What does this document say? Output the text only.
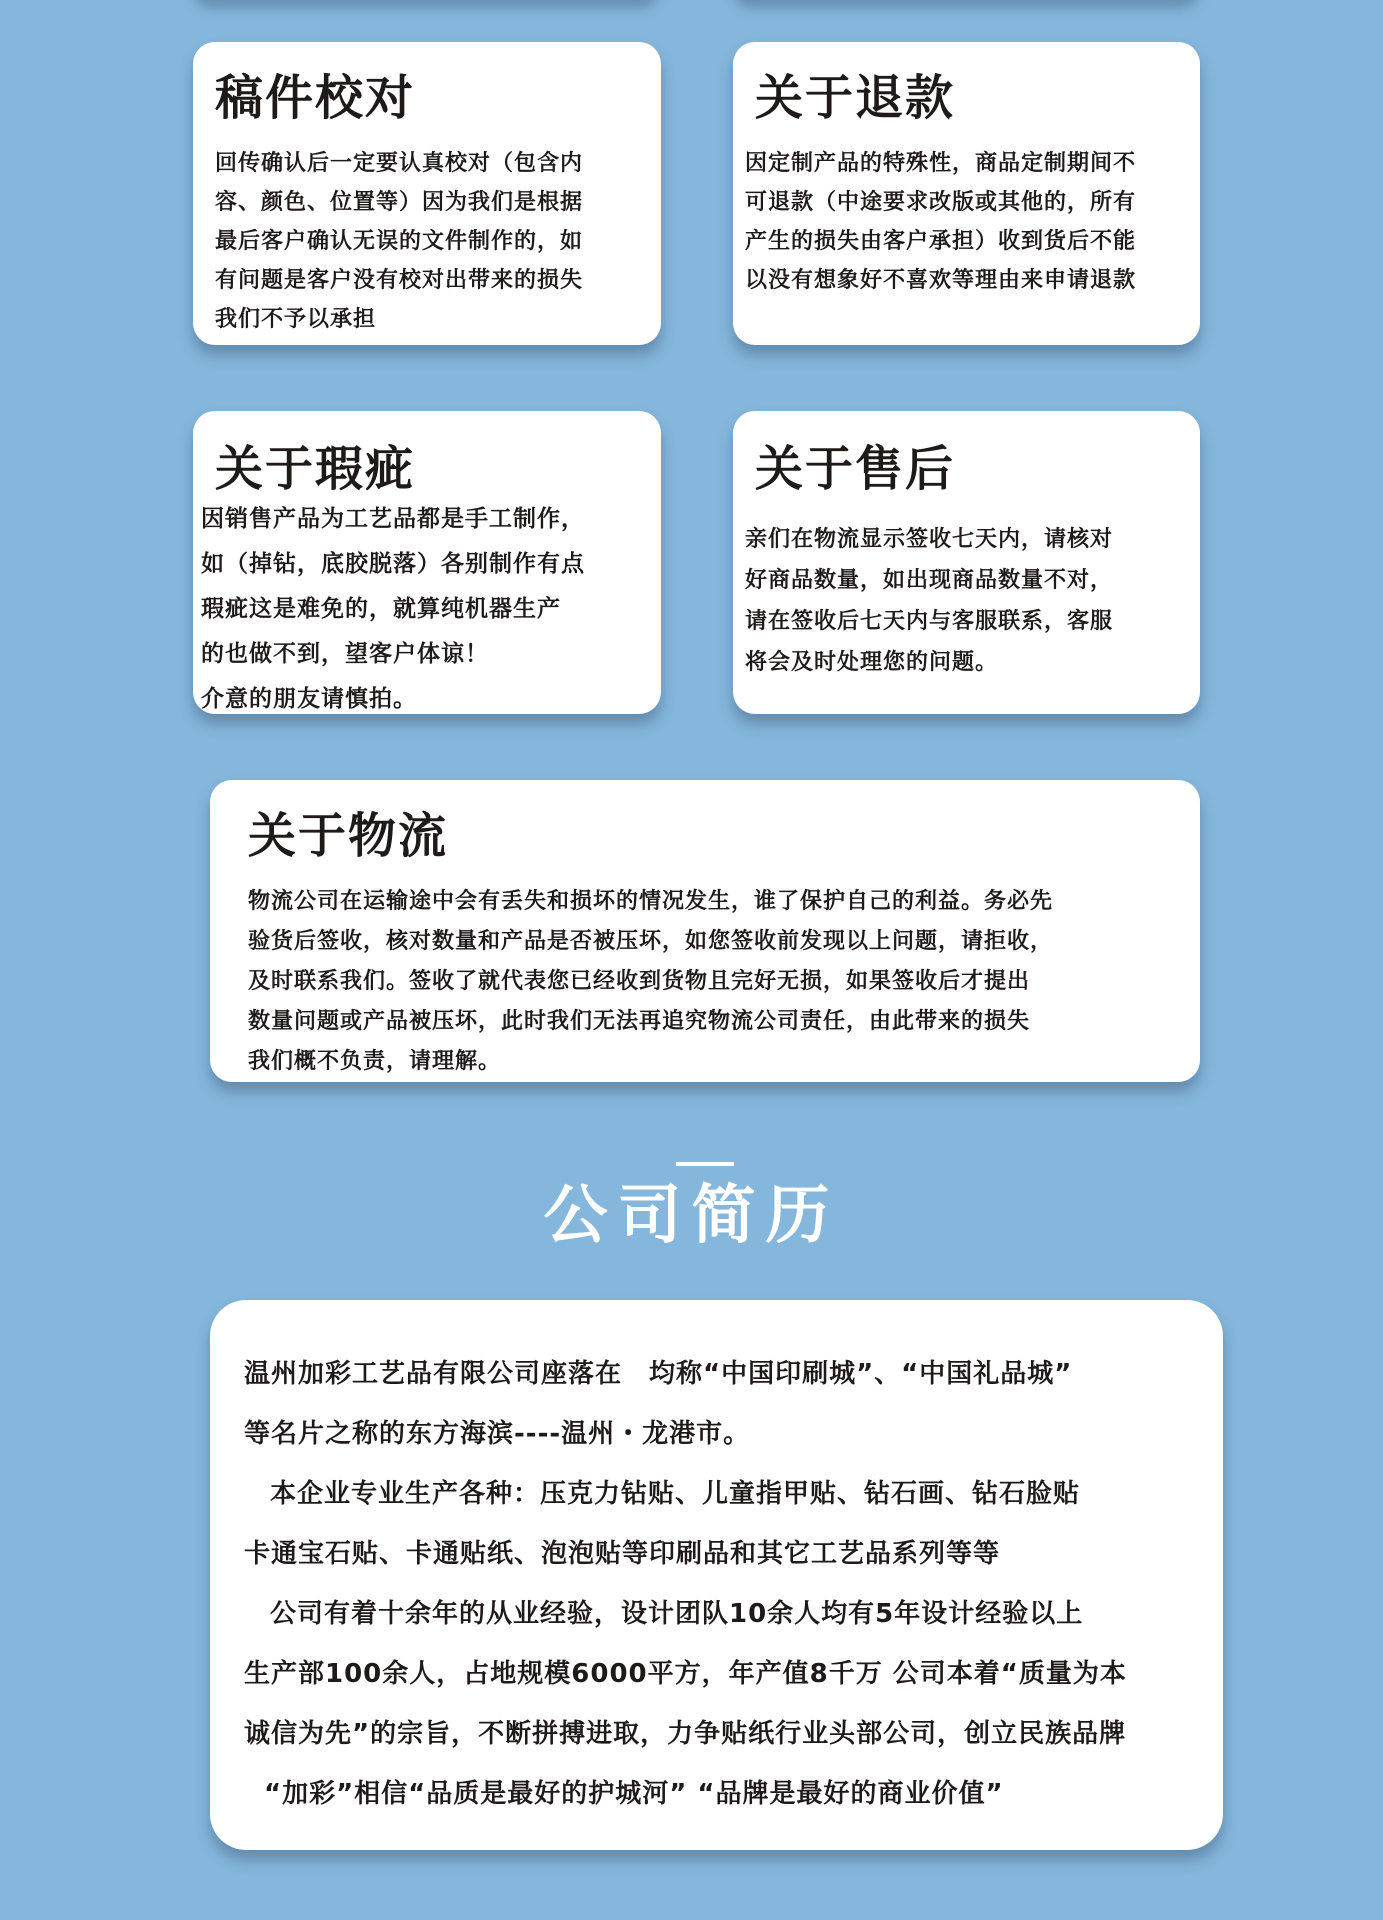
稿件校对

回传确认后一定要认真校对（包含内
容、颜色、位置等）因为我们是根据
最后客户确认无误的文件制作的，如
有问题是客户没有校对出带来的损失
我们不予以承担

关于退款

因定制产品的特殊性，商品定制期间不
可退款（中途要求改版或其他的，所有
产生的损失由客户承担）收到货后不能
以没有想象好不喜欢等理由来申请退款

关于瑕疵

因销售产品为工艺品都是手工制作，
如（掉钻，底胶脱落）各别制作有点
瑕疵这是难免的，就算纯机器生产
的也做不到，望客户体谅！
介意的朋友请慎拍。

关于售后

亲们在物流显示签收七天内，请核对
好商品数量，如出现商品数量不对，
请在签收后七天内与客服联系，客服
将会及时处理您的问题。

关于物流

物流公司在运输途中会有丢失和损坏的情况发生，谁了保护自己的利益。务必先
验货后签收，核对数量和产品是否被压坏，如您签收前发现以上问题，请拒收，
及时联系我们。签收了就代表您已经收到货物且完好无损，如果签收后才提出
数量问题或产品被压坏，此时我们无法再追究物流公司责任，由此带来的损失
我们概不负责，请理解。

公司简历

温州加彩工艺品有限公司座落在　均称“中国印刷城”、“中国礼品城”
等名片之称的东方海滨----温州・龙港市。
本企业专业生产各种：压克力钻贴、儿童指甲贴、钻石画、钻石脸贴
卡通宝石贴、卡通贴纸、泡泡贴等印刷品和其它工艺品系列等等
公司有着十余年的从业经验，设计团队10余人均有5年设计经验以上
生产部100余人，占地规模6000平方，年产值8千万 公司本着“质量为本
诚信为先”的宗旨，不断拼搏进取，力争贴纸行业头部公司，创立民族品牌
“加彩”相信“品质是最好的护城河” “品牌是最好的商业价值”
